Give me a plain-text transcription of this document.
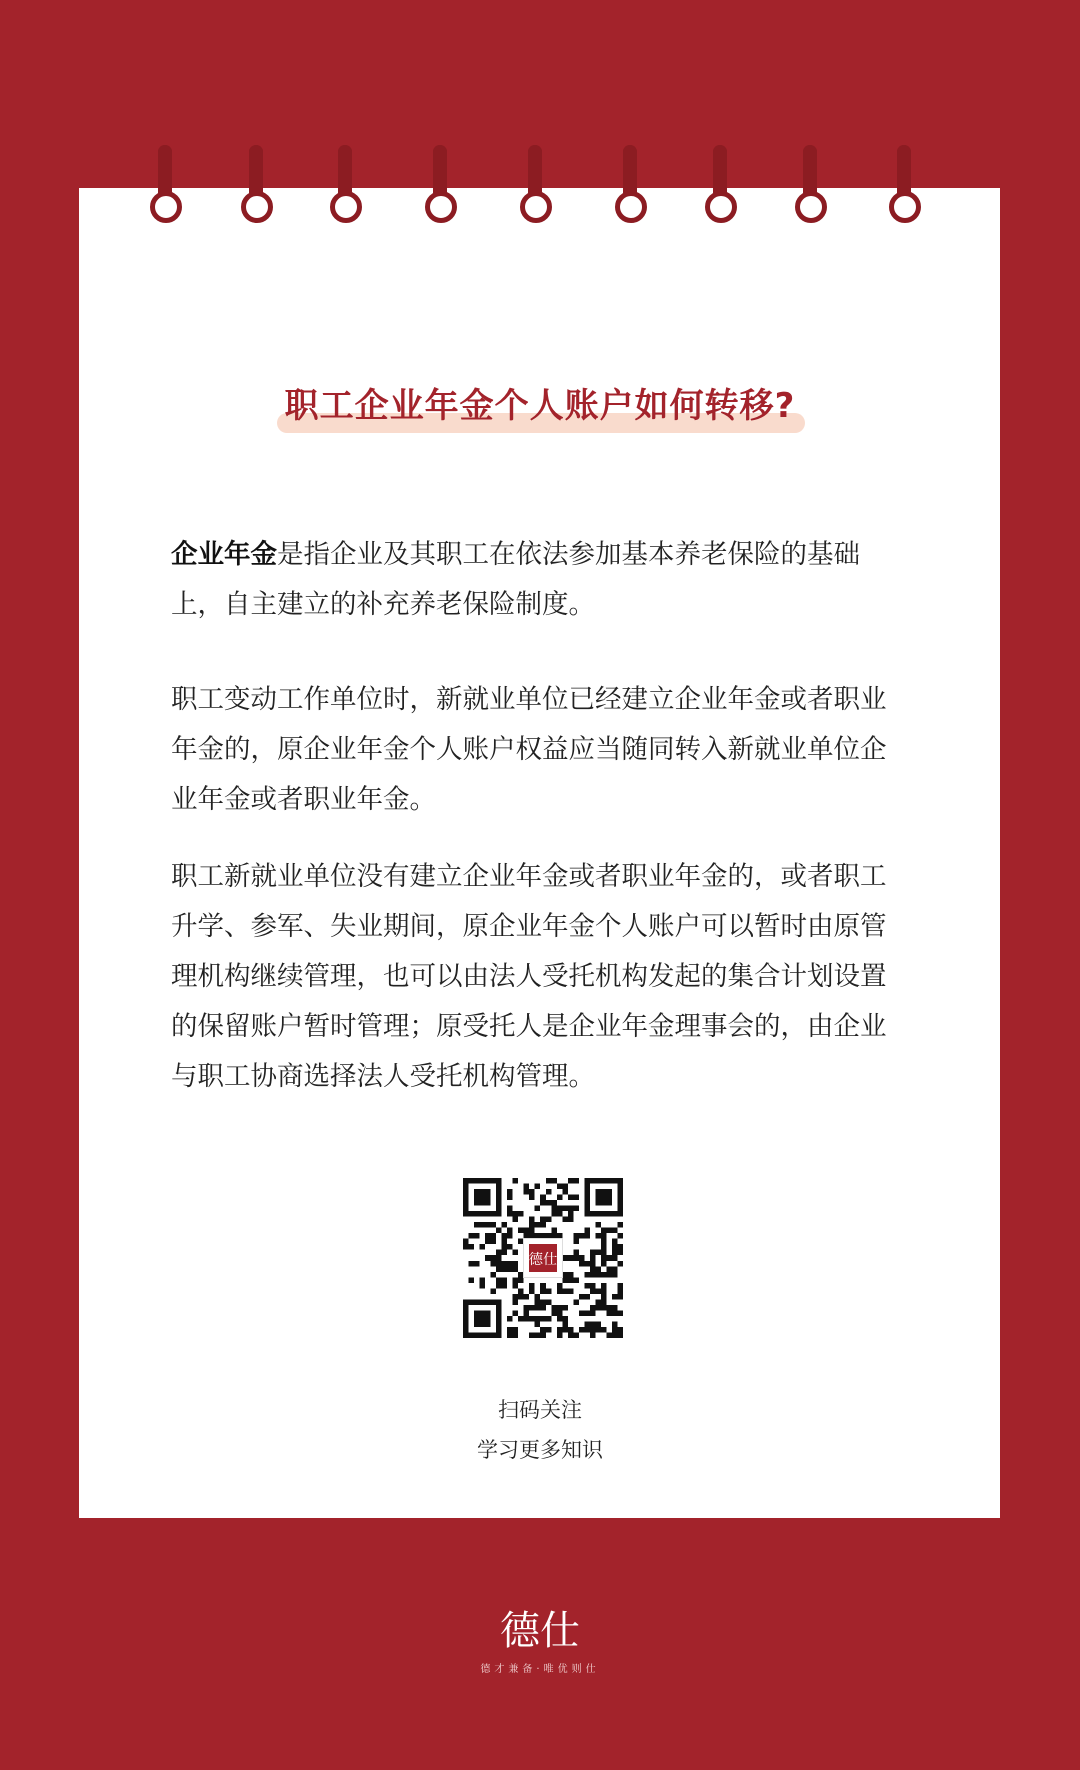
职工企业年金个人账户如何转移?

企业年金是指企业及其职工在依法参加基本养老保险的基础上，自主建立的补充养老保险制度。

职工变动工作单位时，新就业单位已经建立企业年金或者职业年金的，原企业年金个人账户权益应当随同转入新就业单位企业年金或者职业年金。

职工新就业单位没有建立企业年金或者职业年金的，或者职工升学、参军、失业期间，原企业年金个人账户可以暂时由原管理机构继续管理，也可以由法人受托机构发起的集合计划设置的保留账户暂时管理；原受托人是企业年金理事会的，由企业与职工协商选择法人受托机构管理。

德仕
扫码关注
学习更多知识
德仕
德才兼备·唯优则仕
